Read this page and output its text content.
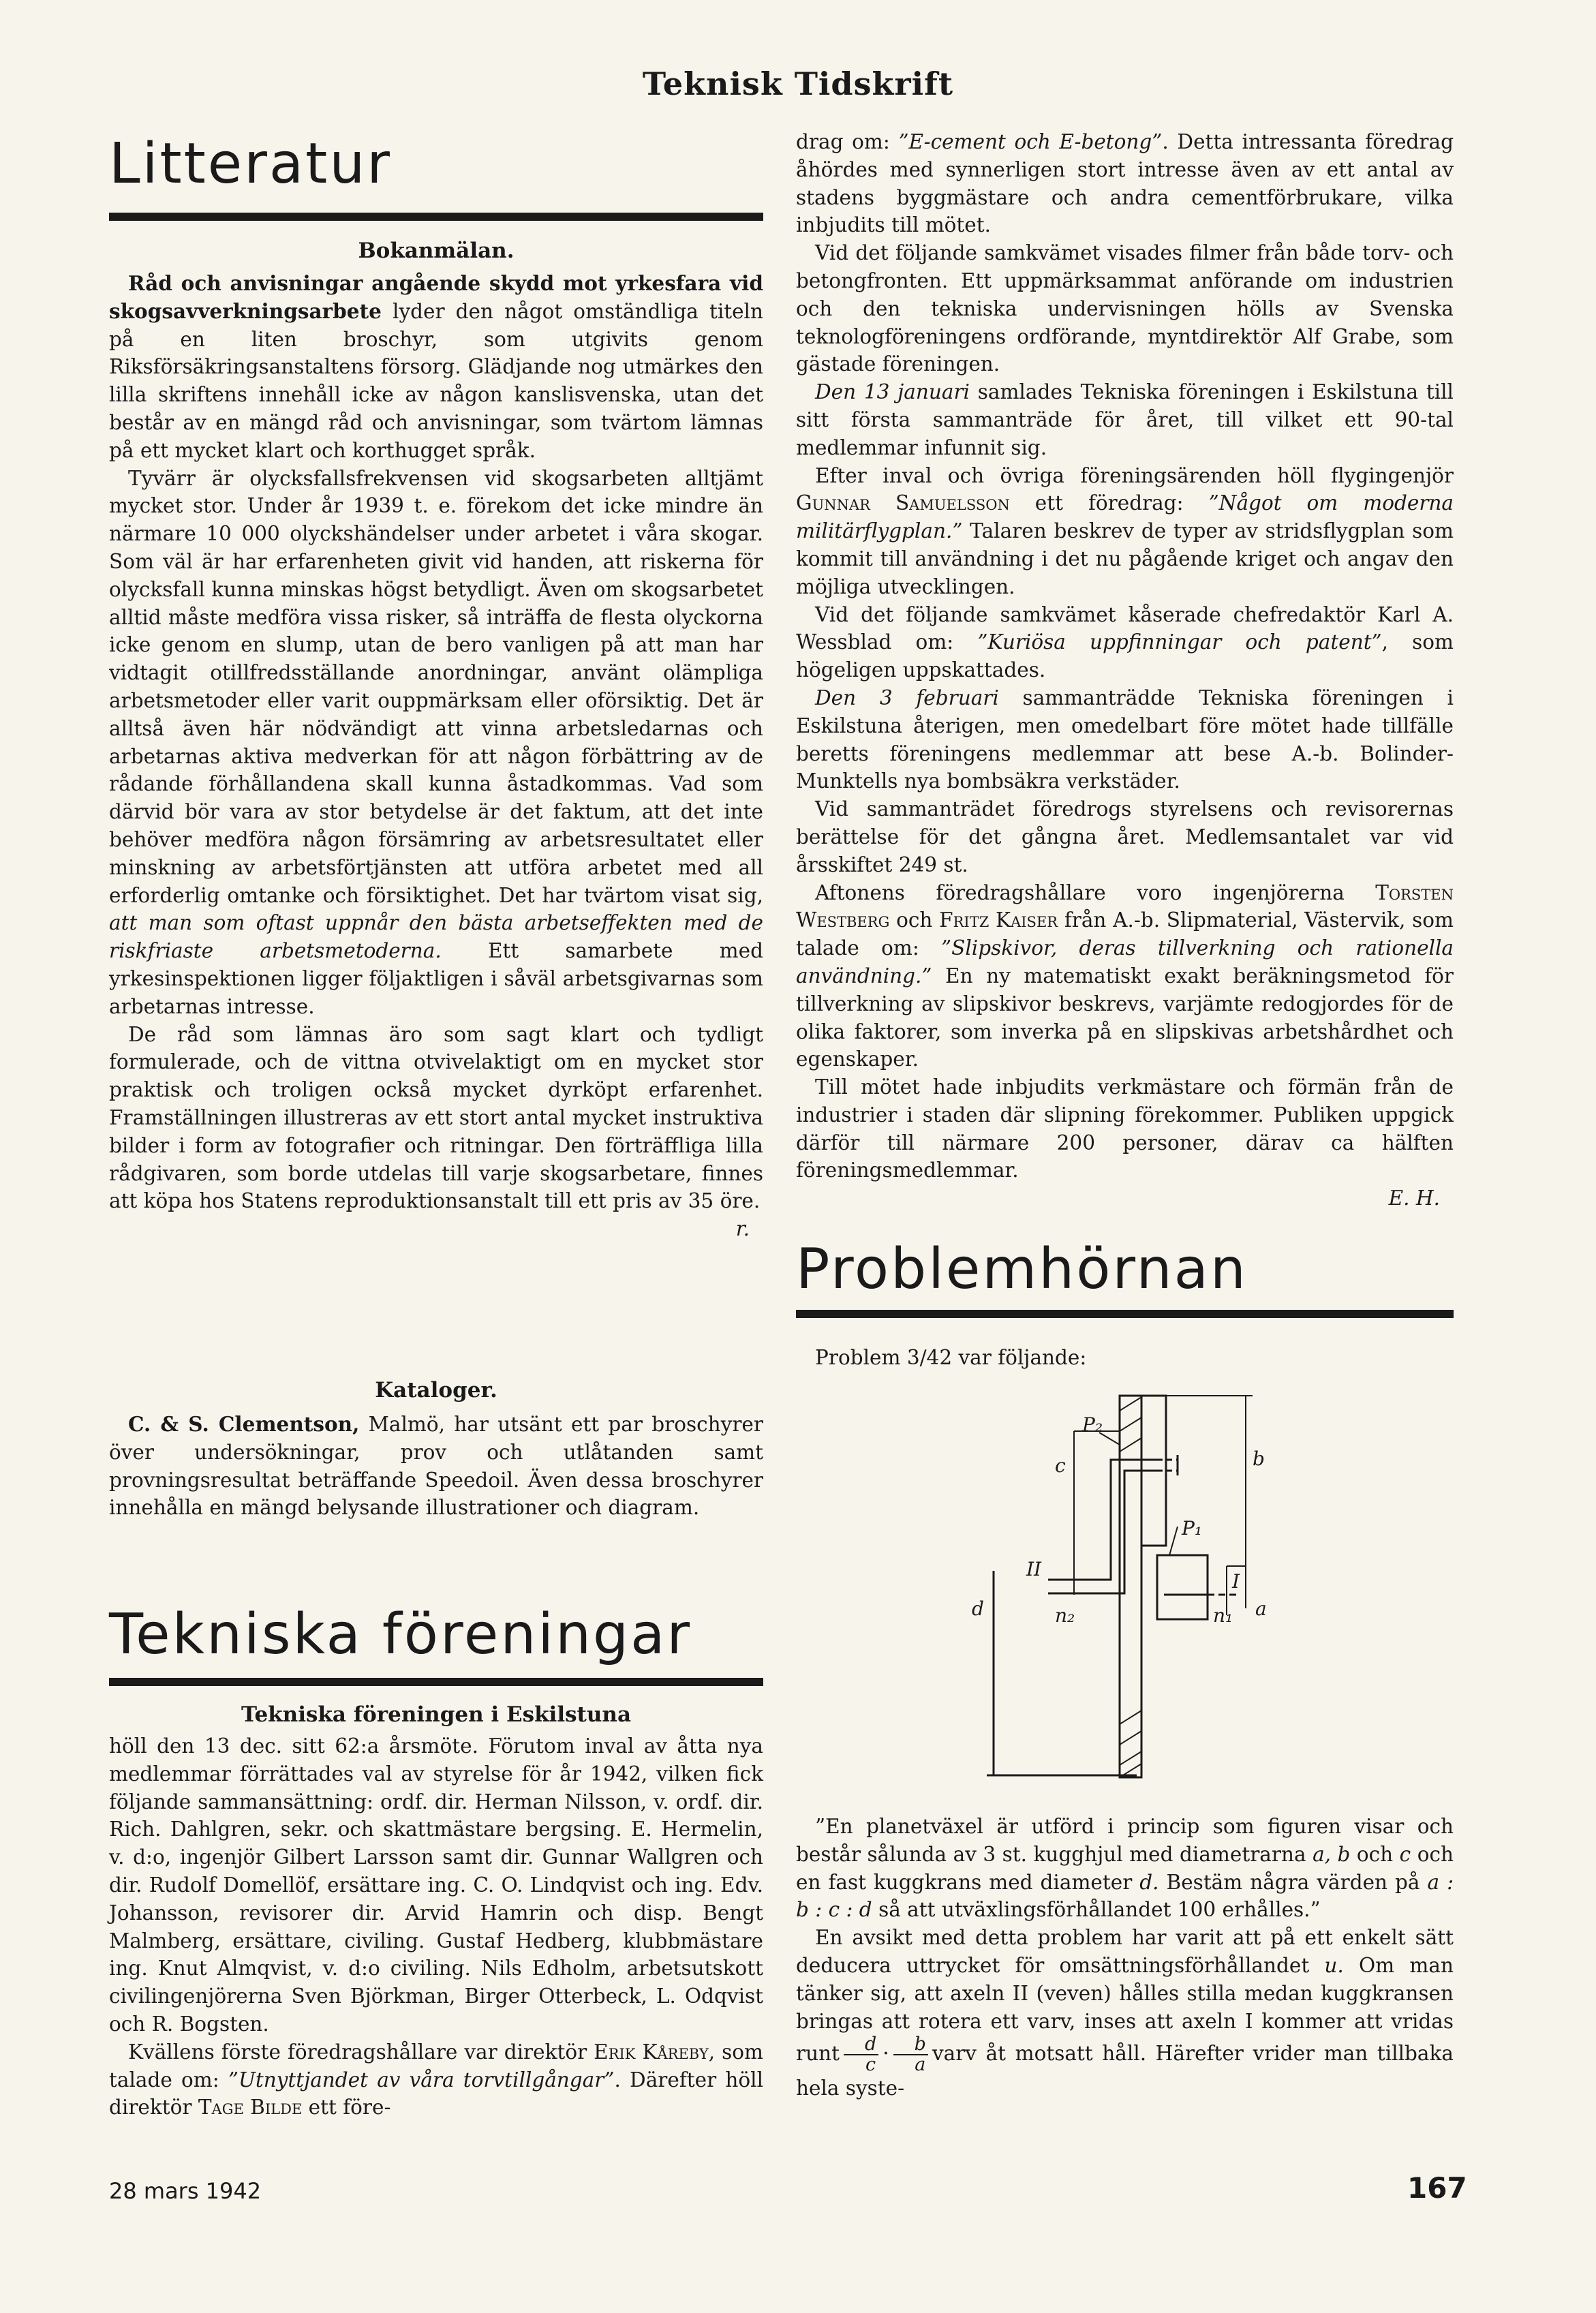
Teknisk Tidskrift
Litteratur
Bokanmälan.

Råd och anvisningar angående skydd mot yrkesfara vid skogsavverkningsarbete lyder den något omständliga titeln på en liten broschyr, som utgivits genom Riksförsäkringsanstaltens försorg. Glädjande nog utmärkes den lilla skriftens innehåll icke av någon kanslisvenska, utan det består av en mängd råd och anvisningar, som tvärtom lämnas på ett mycket klart och korthugget språk.

Tyvärr är olycksfallsfrekvensen vid skogsarbeten alltjämt mycket stor. Under år 1939 t. e. förekom det icke mindre än närmare 10 000 olyckshändelser under arbetet i våra skogar. Som väl är har erfarenheten givit vid handen, att riskerna för olycksfall kunna minskas högst betydligt. Även om skogsarbetet alltid måste medföra vissa risker, så inträffa de flesta olyckorna icke genom en slump, utan de bero vanligen på att man har vidtagit otillfredsställande anordningar, använt olämpliga arbetsmetoder eller varit ouppmärksam eller oförsiktig. Det är alltså även här nödvändigt att vinna arbetsledarnas och arbetarnas aktiva medverkan för att någon förbättring av de rådande förhållandena skall kunna åstadkommas. Vad som därvid bör vara av stor betydelse är det faktum, att det inte behöver medföra någon försämring av arbetsresultatet eller minskning av arbetsförtjänsten att utföra arbetet med all erforderlig omtanke och försiktighet. Det har tvärtom visat sig, att man som oftast uppnår den bästa arbetseffekten med de riskfriaste arbetsmetoderna. Ett samarbete med yrkesinspektionen ligger följaktligen i såväl arbetsgivarnas som arbetarnas intresse.

De råd som lämnas äro som sagt klart och tydligt formulerade, och de vittna otvivelaktigt om en mycket stor praktisk och troligen också mycket dyrköpt erfarenhet. Framställningen illustreras av ett stort antal mycket instruktiva bilder i form av fotografier och ritningar. Den förträffliga lilla rådgivaren, som borde utdelas till varje skogsarbetare, finnes att köpa hos Statens reproduktionsanstalt till ett pris av 35 öre.

r.
Kataloger.

C. & S. Clementson, Malmö, har utsänt ett par broschyrer över undersökningar, prov och utlåtanden samt provningsresultat beträffande Speedoil. Även dessa broschyrer innehålla en mängd belysande illustrationer och diagram.

Tekniska föreningar
Tekniska föreningen i Eskilstuna

höll den 13 dec. sitt 62:a årsmöte. Förutom inval av åtta nya medlemmar förrättades val av styrelse för år 1942, vilken fick följande sammansättning: ordf. dir. Herman Nilsson, v. ordf. dir. Rich. Dahlgren, sekr. och skattmästare bergsing. E. Hermelin, v. d:o, ingenjör Gilbert Larsson samt dir. Gunnar Wallgren och dir. Rudolf Domellöf, ersättare ing. C. O. Lindqvist och ing. Edv. Johansson, revisorer dir. Arvid Hamrin och disp. Bengt Malmberg, ersättare, civiling. Gustaf Hedberg, klubbmästare ing. Knut Almqvist, v. d:o civiling. Nils Edholm, arbetsutskott civilingenjörerna Sven Björkman, Birger Otterbeck, L. Odqvist och R. Bogsten.

Kvällens förste föredragshållare var direktör Erik Kåreby, som talade om: ”Utnyttjandet av våra torvtillgångar”. Därefter höll direktör Tage Bilde ett före-

drag om: ”E-cement och E-betong”. Detta intressanta föredrag åhördes med synnerligen stort intresse även av ett antal av stadens byggmästare och andra cementförbrukare, vilka inbjudits till mötet.

Vid det följande samkvämet visades filmer från både torv- och betongfronten. Ett uppmärksammat anförande om industrien och den tekniska undervisningen hölls av Svenska teknologföreningens ordförande, myntdirektör Alf Grabe, som gästade föreningen.

Den 13 januari samlades Tekniska föreningen i Eskilstuna till sitt första sammanträde för året, till vilket ett 90-tal medlemmar infunnit sig.

Efter inval och övriga föreningsärenden höll flygingenjör Gunnar Samuelsson ett föredrag: ”Något om moderna militärflygplan.” Talaren beskrev de typer av stridsflygplan som kommit till användning i det nu pågående kriget och angav den möjliga utvecklingen.

Vid det följande samkvämet kåserade chefredaktör Karl A. Wessblad om: ”Kuriösa uppfinningar och patent”, som högeligen uppskattades.

Den 3 februari sammanträdde Tekniska föreningen i Eskilstuna återigen, men omedelbart före mötet hade tillfälle beretts föreningens medlemmar att bese A.-b. Bolinder-Munktells nya bombsäkra verkstäder.

Vid sammanträdet föredrogs styrelsens och revisorernas berättelse för det gångna året. Medlemsantalet var vid årsskiftet 249 st.

Aftonens föredragshållare voro ingenjörerna Torsten Westberg och Fritz Kaiser från A.-b. Slipmaterial, Västervik, som talade om: ”Slipskivor, deras tillverkning och rationella användning.” En ny matematiskt exakt beräkningsmetod för tillverkning av slipskivor beskrevs, varjämte redogjordes för de olika faktorer, som inverka på en slipskivas arbetshårdhet och egenskaper.

Till mötet hade inbjudits verkmästare och förmän från de industrier i staden där slipning förekommer. Publiken uppgick därför till närmare 200 personer, därav ca hälften föreningsmedlemmar.

E. H.
Problemhörnan

Problem 3/42 var följande:

P₂
P₁
c	b
d	a
II
I
n₂	n₁

”En planetväxel är utförd i princip som figuren visar och består sålunda av 3 st. kugghjul med diametrarna a, b och c och en fast kuggkrans med diameter d. Bestäm några värden på a : b : c : d så att utväxlingsförhållandet 100 erhålles.”

En avsikt med detta problem har varit att på ett enkelt sätt deducera uttrycket för omsättningsförhållandet u. Om man tänker sig, att axeln II (veven) hålles stilla medan kuggkransen bringas att rotera ett varv, inses att axeln I kommer att vridas runt $\frac{d}{c} \cdot \frac{b}{a}$ varv åt motsatt håll. Härefter vrider man tillbaka hela syste-

28 mars 1942	167
